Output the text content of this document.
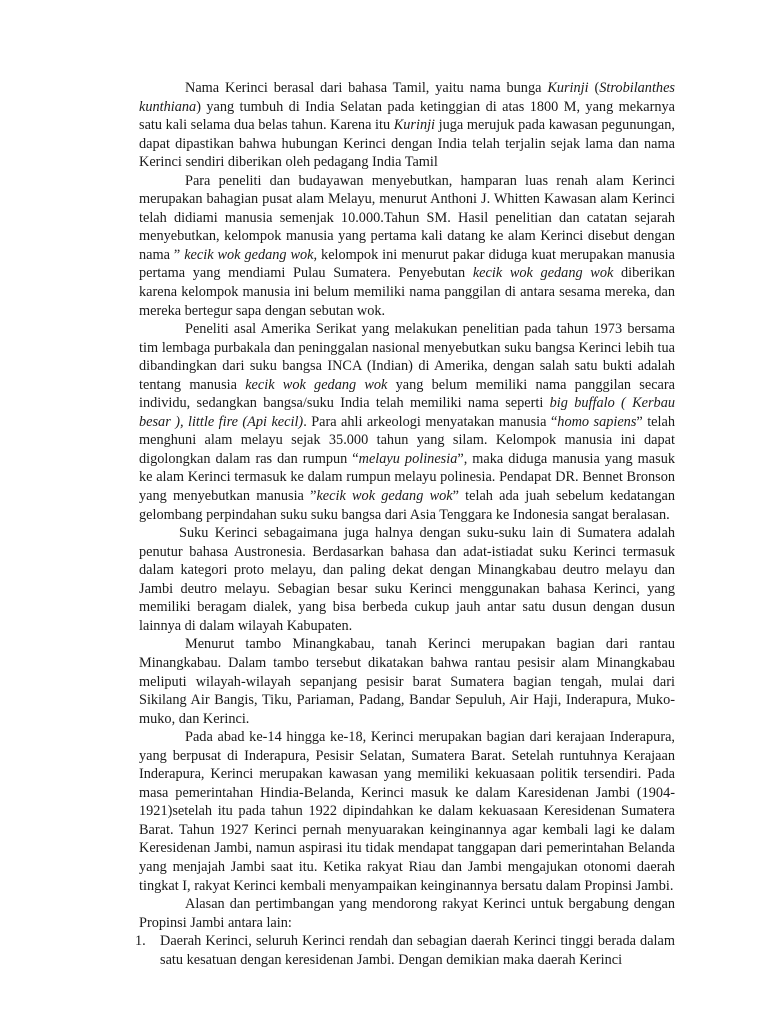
Nama Kerinci berasal dari bahasa Tamil, yaitu nama bunga Kurinji (Strobilanthes kunthiana) yang tumbuh di India Selatan pada ketinggian di atas 1800 M, yang mekarnya satu kali selama dua belas tahun. Karena itu Kurinji juga merujuk pada kawasan pegunungan, dapat dipastikan bahwa hubungan Kerinci dengan India telah terjalin sejak lama dan nama Kerinci sendiri diberikan oleh pedagang India Tamil

Para peneliti dan budayawan menyebutkan, hamparan luas renah alam Kerinci merupakan bahagian pusat alam Melayu, menurut Anthoni J. Whitten Kawasan alam Kerinci telah didiami manusia semenjak 10.000.Tahun SM. Hasil penelitian dan catatan sejarah menyebutkan, kelompok manusia yang pertama kali datang ke alam Kerinci disebut dengan nama ” kecik wok gedang wok, kelompok ini menurut pakar diduga kuat merupakan manusia pertama yang mendiami Pulau Sumatera. Penyebutan kecik wok gedang wok diberikan karena kelompok manusia ini belum memiliki nama panggilan di antara sesama mereka, dan mereka bertegur sapa dengan sebutan wok.

Peneliti asal Amerika Serikat yang melakukan penelitian pada tahun 1973 bersama tim lembaga purbakala dan peninggalan nasional menyebutkan suku bangsa Kerinci lebih tua dibandingkan dari suku bangsa INCA (Indian) di Amerika, dengan salah satu bukti adalah tentang manusia kecik wok gedang wok yang belum memiliki nama panggilan secara individu, sedangkan bangsa/suku India telah memiliki nama seperti big buffalo ( Kerbau besar ), little fire (Api kecil). Para ahli arkeologi menyatakan manusia “homo sapiens” telah menghuni alam melayu sejak 35.000 tahun yang silam. Kelompok manusia ini dapat digolongkan dalam ras dan rumpun “melayu polinesia”, maka diduga manusia yang masuk ke alam Kerinci termasuk ke dalam rumpun melayu polinesia. Pendapat DR. Bennet Bronson yang menyebutkan manusia ”kecik wok gedang wok” telah ada juah sebelum kedatangan gelombang perpindahan suku suku bangsa dari Asia Tenggara ke Indonesia sangat beralasan.

Suku Kerinci sebagaimana juga halnya dengan suku-suku lain di Sumatera adalah penutur bahasa Austronesia. Berdasarkan bahasa dan adat-istiadat suku Kerinci termasuk dalam kategori proto melayu, dan paling dekat dengan Minangkabau deutro melayu dan Jambi deutro melayu. Sebagian besar suku Kerinci menggunakan bahasa Kerinci, yang memiliki beragam dialek, yang bisa berbeda cukup jauh antar satu dusun dengan dusun lainnya di dalam wilayah Kabupaten.

Menurut tambo Minangkabau, tanah Kerinci merupakan bagian dari rantau Minangkabau. Dalam tambo tersebut dikatakan bahwa rantau pesisir alam Minangkabau meliputi wilayah-wilayah sepanjang pesisir barat Sumatera bagian tengah, mulai dari Sikilang Air Bangis, Tiku, Pariaman, Padang, Bandar Sepuluh, Air Haji, Inderapura, Muko-muko, dan Kerinci.

Pada abad ke-14 hingga ke-18, Kerinci merupakan bagian dari kerajaan Inderapura, yang berpusat di Inderapura, Pesisir Selatan, Sumatera Barat. Setelah runtuhnya Kerajaan Inderapura, Kerinci merupakan kawasan yang memiliki kekuasaan politik tersendiri. Pada masa pemerintahan Hindia-Belanda, Kerinci masuk ke dalam Karesidenan Jambi (1904-1921)setelah itu pada tahun 1922 dipindahkan ke dalam kekuasaan Keresidenan Sumatera Barat. Tahun 1927 Kerinci pernah menyuarakan keinginannya agar kembali lagi ke dalam Keresidenan Jambi, namun aspirasi itu tidak mendapat tanggapan dari pemerintahan Belanda yang menjajah Jambi saat itu. Ketika rakyat Riau dan Jambi mengajukan otonomi daerah tingkat I, rakyat Kerinci kembali menyampaikan keinginannya bersatu dalam Propinsi Jambi.

Alasan dan pertimbangan yang mendorong rakyat Kerinci untuk bergabung dengan Propinsi Jambi antara lain:

1. Daerah Kerinci, seluruh Kerinci rendah dan sebagian daerah Kerinci tinggi berada dalam satu kesatuan dengan keresidenan Jambi. Dengan demikian maka daerah Kerinci
